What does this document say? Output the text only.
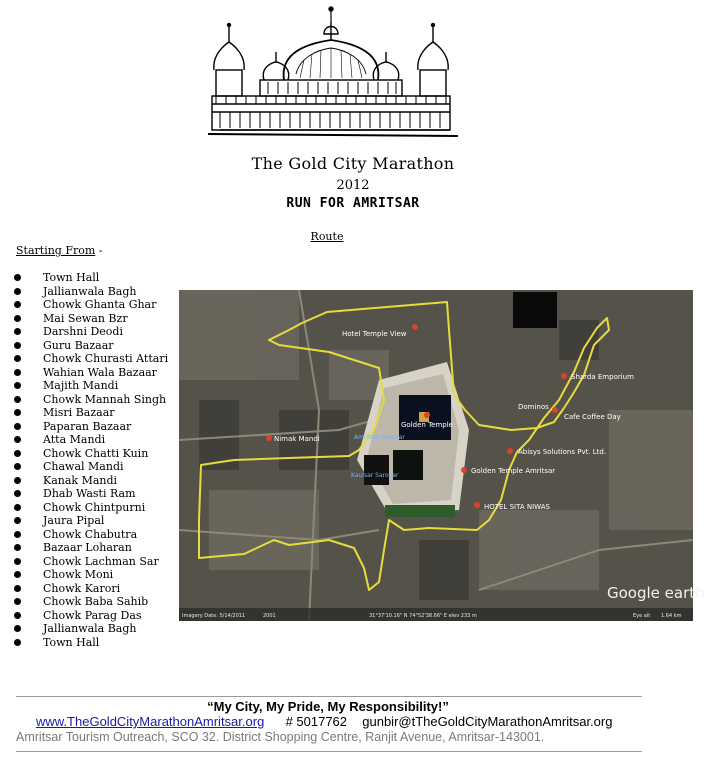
The Gold City Marathon
2012
RUN FOR AMRITSAR
Route
Starting From -
Town Hall
Jallianwala Bagh
Chowk Ghanta Ghar
Mai Sewan Bzr
Darshni Deodi
Guru Bazaar
Chowk Churasti Attari
Wahian Wala Bazaar
Majith Mandi
Chowk Mannah Singh
Misri Bazaar
Paparan Bazaar
Atta Mandi
Chowk Chatti Kuin
Chawal Mandi
Kanak Mandi
Dhab Wasti Ram
Chowk Chintpurni
Jaura Pipal
Chowk Chabutra
Bazaar Loharan
Chowk Lachman Sar
Chowk Moni
Chowk Karori
Chowk Baba Sahib
Chowk Parag Das
Jallianwala Bagh
Town Hall
Hotel Temple View
Sharda Emporium
Dominos
Cafe Coffee Day
Golden Temple
Nimak Mandi
Abisys Solutions Pvt. Ltd.
Golden Temple Amritsar
HOTEL SITA NIWAS
Amritsar Sarovar
Kaulsar Sarovar
Imagery Date: 5/14/2011	2001	31°37'10.16" N 74°52'38.66" E elev 233 m	Eye alt 1.64 km
Google earth
“My City, My Pride, My Responsibility!”
www.TheGoldCityMarathonAmritsar.org # 5017762 gunbir@tTheGoldCityMarathonAmritsar.org
Amritsar Tourism Outreach, SCO 32. District Shopping Centre, Ranjit Avenue, Amritsar-143001.
